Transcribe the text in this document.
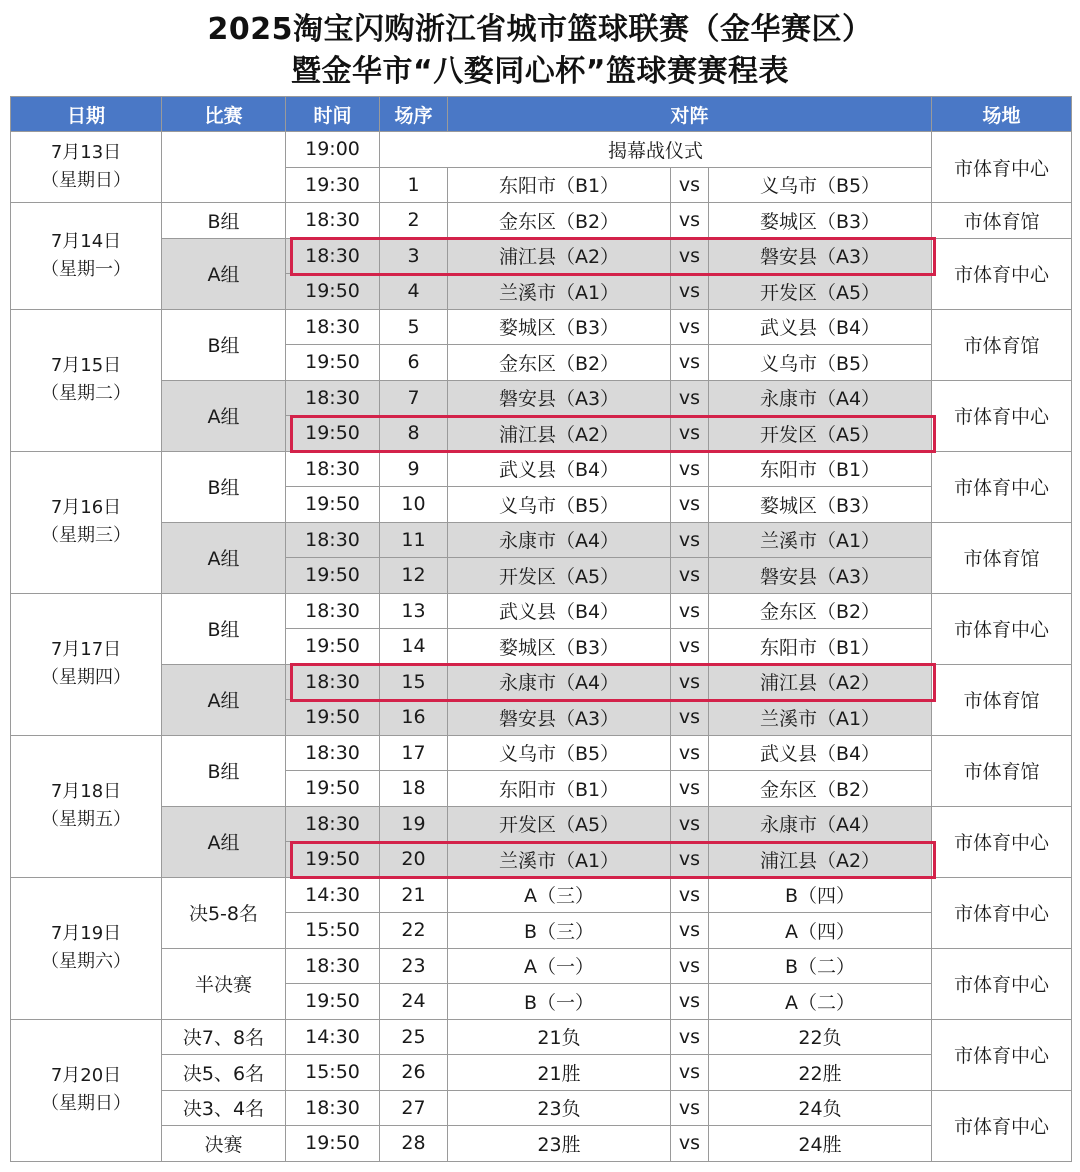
2025淘宝闪购浙江省城市篮球联赛（金华赛区）
暨金华市“八婺同心杯”篮球赛赛程表
日期	比赛	时间	场序	对阵			场地

7月13日
（星期日）		19:00	揭幕战仪式				市体育中心
		19:30	1	东阳市（B1）	vs	义乌市（B5）	

7月14日
（星期一）	B组	18:30	2	金东区（B2）	vs	婺城区（B3）	市体育馆
	A组	18:30	3	浦江县（A2）	vs	磐安县（A3）	市体育中心
		19:50	4	兰溪市（A1）	vs	开发区（A5）	

7月15日
（星期二）	B组	18:30	5	婺城区（B3）	vs	武义县（B4）	市体育馆
		19:50	6	金东区（B2）	vs	义乌市（B5）	
	A组	18:30	7	磐安县（A3）	vs	永康市（A4）	市体育中心
		19:50	8	浦江县（A2）	vs	开发区（A5）	

7月16日
（星期三）	B组	18:30	9	武义县（B4）	vs	东阳市（B1）	市体育中心
		19:50	10	义乌市（B5）	vs	婺城区（B3）	
	A组	18:30	11	永康市（A4）	vs	兰溪市（A1）	市体育馆
		19:50	12	开发区（A5）	vs	磐安县（A3）	

7月17日
（星期四）	B组	18:30	13	武义县（B4）	vs	金东区（B2）	市体育中心
		19:50	14	婺城区（B3）	vs	东阳市（B1）	
	A组	18:30	15	永康市（A4）	vs	浦江县（A2）	市体育馆
		19:50	16	磐安县（A3）	vs	兰溪市（A1）	

7月18日
（星期五）	B组	18:30	17	义乌市（B5）	vs	武义县（B4）	市体育馆
		19:50	18	东阳市（B1）	vs	金东区（B2）	
	A组	18:30	19	开发区（A5）	vs	永康市（A4）	市体育中心
		19:50	20	兰溪市（A1）	vs	浦江县（A2）	

7月19日
（星期六）	决5-8名	14:30	21	A（三）	vs	B（四）	市体育中心
		15:50	22	B（三）	vs	A（四）	
	半决赛	18:30	23	A（一）	vs	B（二）	市体育中心
		19:50	24	B（一）	vs	A（二）	

7月20日
（星期日）	决7、8名	14:30	25	21负	vs	22负	市体育中心
	决5、6名	15:50	26	21胜	vs	22胜	
	决3、4名	18:30	27	23负	vs	24负	市体育中心
	决赛	19:50	28	23胜	vs	24胜	
